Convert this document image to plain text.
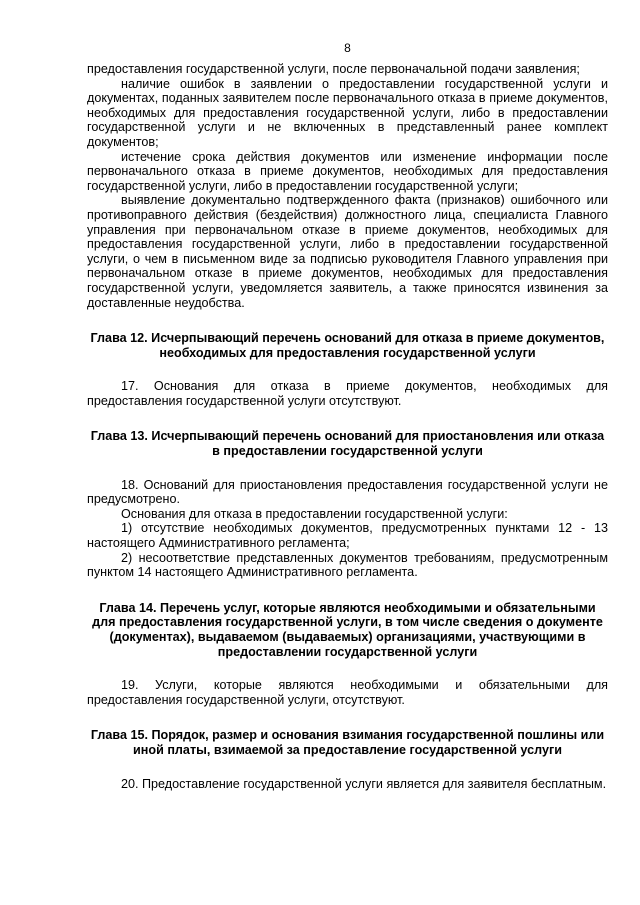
8

предоставления государственной услуги, после первоначальной подачи заявления;

наличие ошибок в заявлении о предоставлении государственной услуги и документах, поданных заявителем после первоначального отказа в приеме документов, необходимых для предоставления государственной услуги, либо в предоставлении государственной услуги и не включенных в представленный ранее комплект документов;

истечение срока действия документов или изменение информации после первоначального отказа в приеме документов, необходимых для предоставления государственной услуги, либо в предоставлении государственной услуги;

выявление документально подтвержденного факта (признаков) ошибочного или противоправного действия (бездействия) должностного лица, специалиста Главного управления при первоначальном отказе в приеме документов, необходимых для предоставления государственной услуги, либо в предоставлении государственной услуги, о чем в письменном виде за подписью руководителя Главного управления при первоначальном отказе в приеме документов, необходимых для предоставления государственной услуги, уведомляется заявитель, а также приносятся извинения за доставленные неудобства.

Глава 12. Исчерпывающий перечень оснований для отказа в приеме документов, необходимых для предоставления государственной услуги

17. Основания для отказа в приеме документов, необходимых для предоставления государственной услуги отсутствуют.

Глава 13. Исчерпывающий перечень оснований для приостановления или отказа в предоставлении государственной услуги

18. Оснований для приостановления предоставления государственной услуги не предусмотрено.

Основания для отказа в предоставлении государственной услуги:

1) отсутствие необходимых документов, предусмотренных пунктами 12 - 13 настоящего Административного регламента;

2) несоответствие представленных документов требованиям, предусмотренным пунктом 14 настоящего Административного регламента.

Глава 14. Перечень услуг, которые являются необходимыми и обязательными для предоставления государственной услуги, в том числе сведения о документе (документах), выдаваемом (выдаваемых) организациями, участвующими в предоставлении государственной услуги

19. Услуги, которые являются необходимыми и обязательными для предоставления государственной услуги, отсутствуют.

Глава 15. Порядок, размер и основания взимания государственной пошлины или иной платы, взимаемой за предоставление государственной услуги

20. Предоставление государственной услуги является для заявителя бесплатным.
